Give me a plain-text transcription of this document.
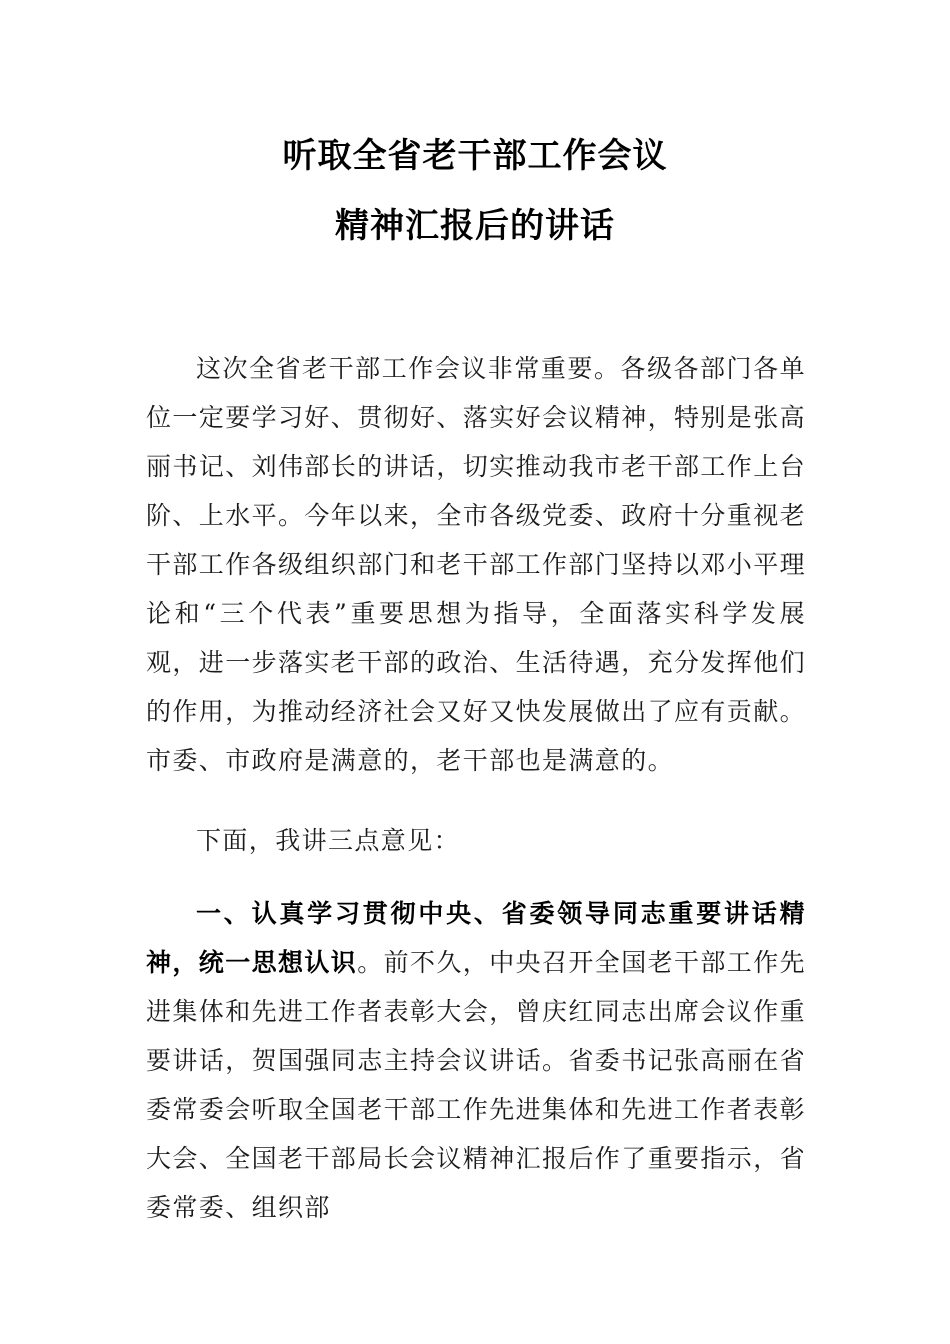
听取全省老干部工作会议
精神汇报后的讲话

这次全省老干部工作会议非常重要。各级各部门各单位一定要学习好、贯彻好、落实好会议精神，特别是张高丽书记、刘伟部长的讲话，切实推动我市老干部工作上台阶、上水平。今年以来，全市各级党委、政府十分重视老干部工作各级组织部门和老干部工作部门坚持以邓小平理论和“三个代表”重要思想为指导，全面落实科学发展观，进一步落实老干部的政治、生活待遇，充分发挥他们的作用，为推动经济社会又好又快发展做出了应有贡献。市委、市政府是满意的，老干部也是满意的。

下面，我讲三点意见：

一、认真学习贯彻中央、省委领导同志重要讲话精神，统一思想认识。前不久，中央召开全国老干部工作先进集体和先进工作者表彰大会，曾庆红同志出席会议作重要讲话，贺国强同志主持会议讲话。省委书记张高丽在省委常委会听取全国老干部工作先进集体和先进工作者表彰大会、全国老干部局长会议精神汇报后作了重要指示，省委常委、组织部
